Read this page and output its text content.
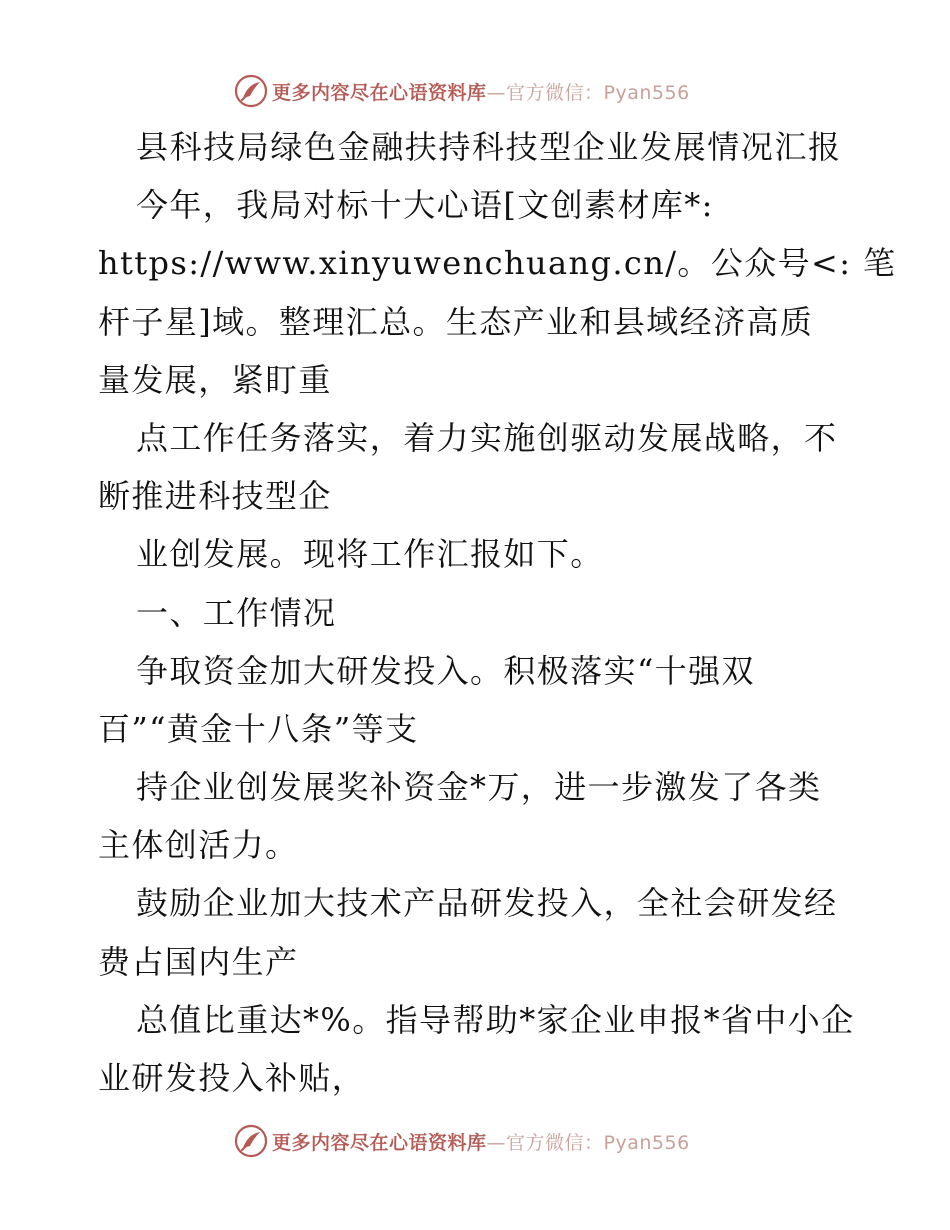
更多内容尽在心语资料库—官方微信：Pyan556
县科技局绿色金融扶持科技型企业发展情况汇报
今年，我局对标十大心语[文创素材库*:
https://www.xinyuwenchuang.cn/。公众号<: 笔
杆子星]域。整理汇总。生态产业和县域经济高质
量发展，紧盯重
点工作任务落实，着力实施创驱动发展战略，不
断推进科技型企
业创发展。现将工作汇报如下。
一、工作情况
争取资金加大研发投入。积极落实“十强双
百”“黄金十八条”等支
持企业创发展奖补资金*万，进一步激发了各类
主体创活力。
鼓励企业加大技术产品研发投入，全社会研发经
费占国内生产
总值比重达*%。指导帮助*家企业申报*省中小企
业研发投入补贴，
更多内容尽在心语资料库—官方微信：Pyan556
